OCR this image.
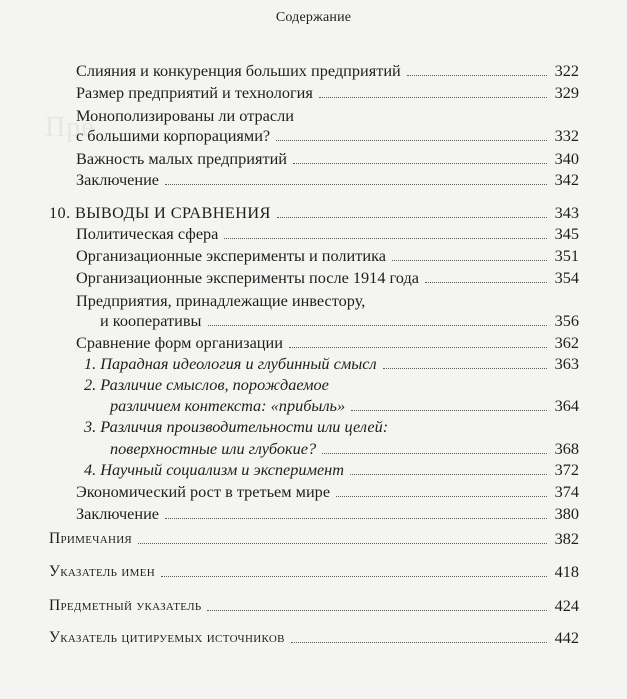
Пре
Содержание
Слияния и конкуренция больших предприятий	322
Размер предприятий и технология	329
Монополизированы ли отрасли
с большими корпорациями?	332
Важность малых предприятий	340
Заключение	342
10. ВЫВОДЫ И СРАВНЕНИЯ	343
Политическая сфера	345
Организационные эксперименты и политика	351
Организационные эксперименты после 1914 года	354
Предприятия, принадлежащие инвестору,
и кооперативы	356
Сравнение форм организации	362
1. Парадная идеология и глубинный смысл	363
2. Различие смыслов, порождаемое
различием контекста: «прибыль»	364
3. Различия производительности или целей:
поверхностные или глубокие?	368
4. Научный социализм и эксперимент	372
Экономический рост в третьем мире	374
Заключение	380
Примечания	382
Указатель имен	418
Предметный указатель	424
Указатель цитируемых источников	442
